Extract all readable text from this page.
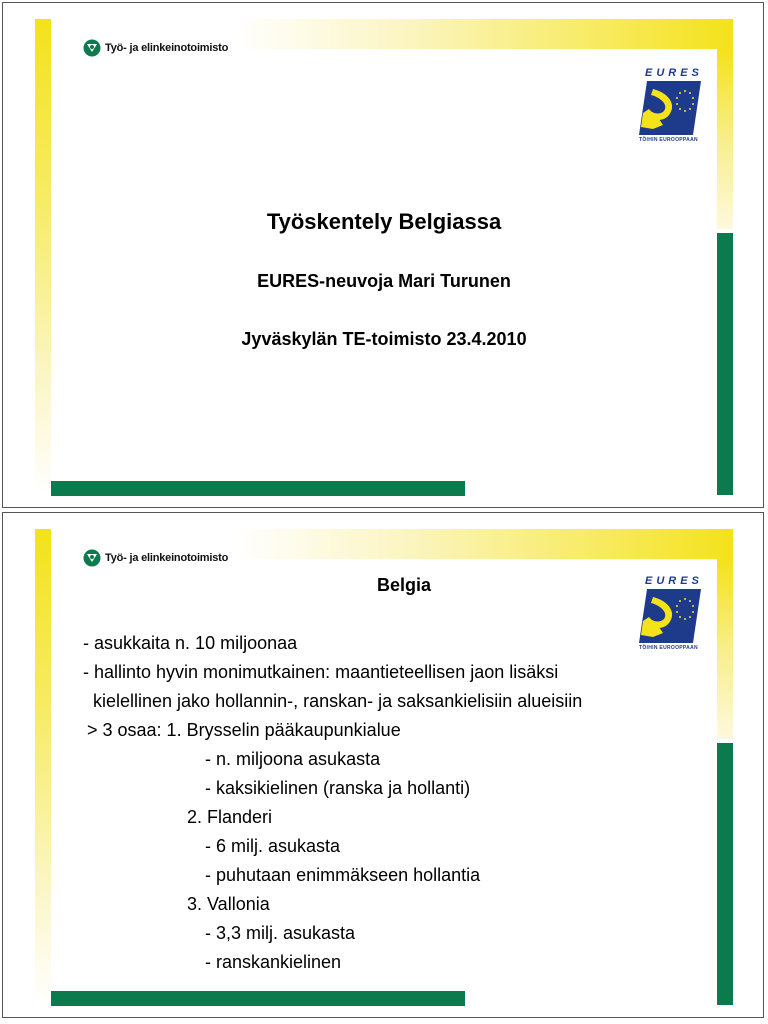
Työ- ja elinkeinotoimisto
EURES
TÖIHIN EUROOPPAAN
Työskentely Belgiassa
EURES-neuvoja Mari Turunen
Jyväskylän TE-toimisto 23.4.2010
Työ- ja elinkeinotoimisto
EURES
TÖIHIN EUROOPPAAN
Belgia
- asukkaita n. 10 miljoonaa
- hallinto hyvin monimutkainen: maantieteellisen jaon lisäksi
kielellinen jako hollannin-, ranskan- ja saksankielisiin alueisiin
> 3 osaa: 1. Brysselin pääkaupunkialue
- n. miljoona asukasta
- kaksikielinen (ranska ja hollanti)
2. Flanderi
- 6 milj. asukasta
- puhutaan enimmäkseen hollantia
3. Vallonia
- 3,3 milj. asukasta
- ranskankielinen
